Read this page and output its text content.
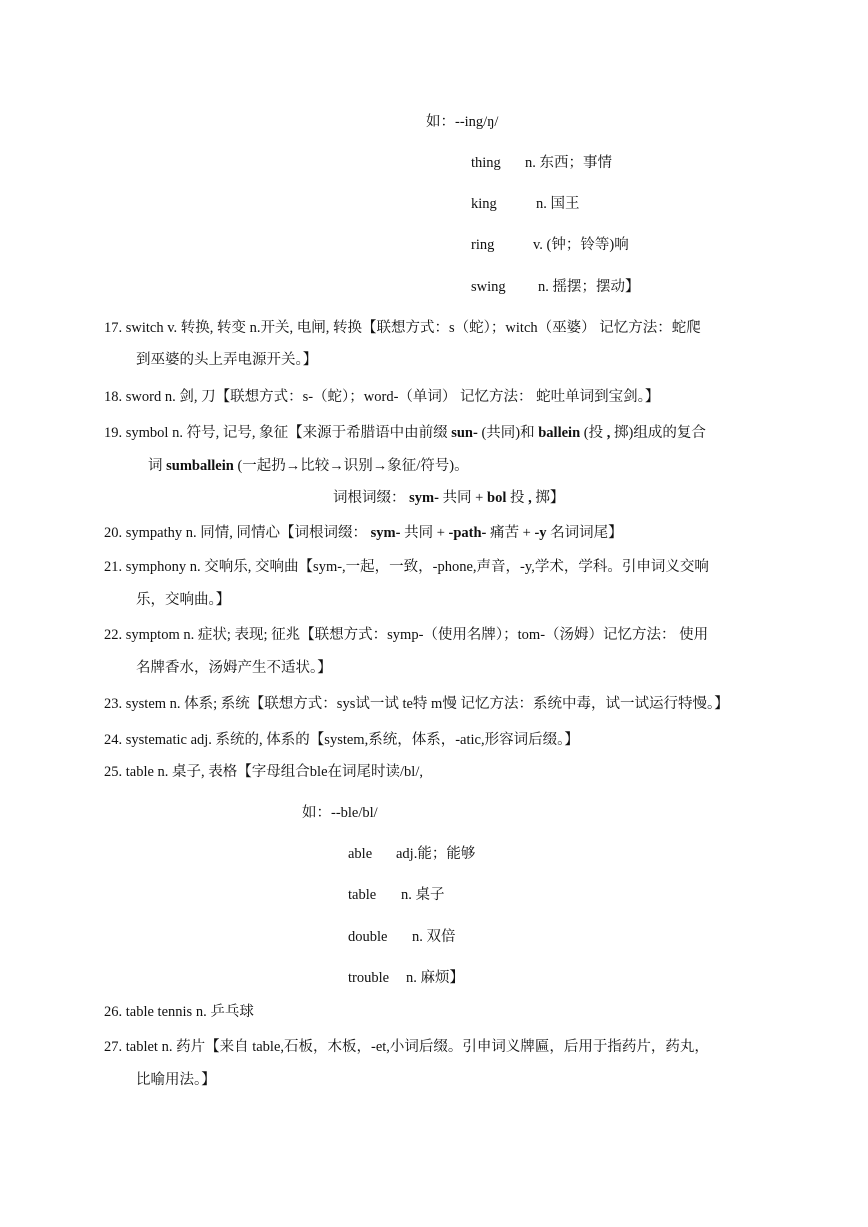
如：--ing/ŋ/
thing n. 东西；事情
king	n. 国王
ring	v. (钟；铃等)响
swing n. 摇摆；摆动】
17. switch v. 转换, 转变 n.开关, 电闸, 转换【联想方式：s（蛇）；witch（巫婆） 记忆方法：蛇爬
到巫婆的头上弄电源开关。】
18. sword n. 剑, 刀【联想方式：s-（蛇）；word-（单词） 记忆方法： 蛇吐单词到宝剑。】
19. symbol n. 符号, 记号, 象征【来源于希腊语中由前缀 sun- (共同)和 ballein (投 , 掷)组成的复合
词 sumballein (一起扔→比较→识别→象征/符号)。
词根词缀： sym- 共同 + bol 投 , 掷】
20. sympathy n. 同情, 同情心【词根词缀： sym- 共同 + -path- 痛苦 + -y 名词词尾】
21. symphony n. 交响乐, 交响曲【sym-,一起，一致，-phone,声音，-y,学术，学科。引申词义交响
乐，交响曲。】
22. symptom n. 症状; 表现; 征兆【联想方式：symp-（使用名牌）；tom-（汤姆）记忆方法： 使用
名牌香水，汤姆产生不适状。】
23. system n. 体系; 系统【联想方式：sys试一试 te特 m慢 记忆方法：系统中毒，试一试运行特慢。】
24. systematic adj. 系统的, 体系的【system,系统，体系，-atic,形容词后缀。】
25. table n. 桌子, 表格【字母组合ble在词尾时读/bl/,
如：--ble/bl/
able adj.能；能够
table n. 桌子
double n. 双倍
trouble n. 麻烦】
26. table tennis n. 乒乓球
27. tablet n. 药片【来自 table,石板，木板，-et,小词后缀。引申词义牌匾，后用于指药片，药丸，
比喻用法。】
